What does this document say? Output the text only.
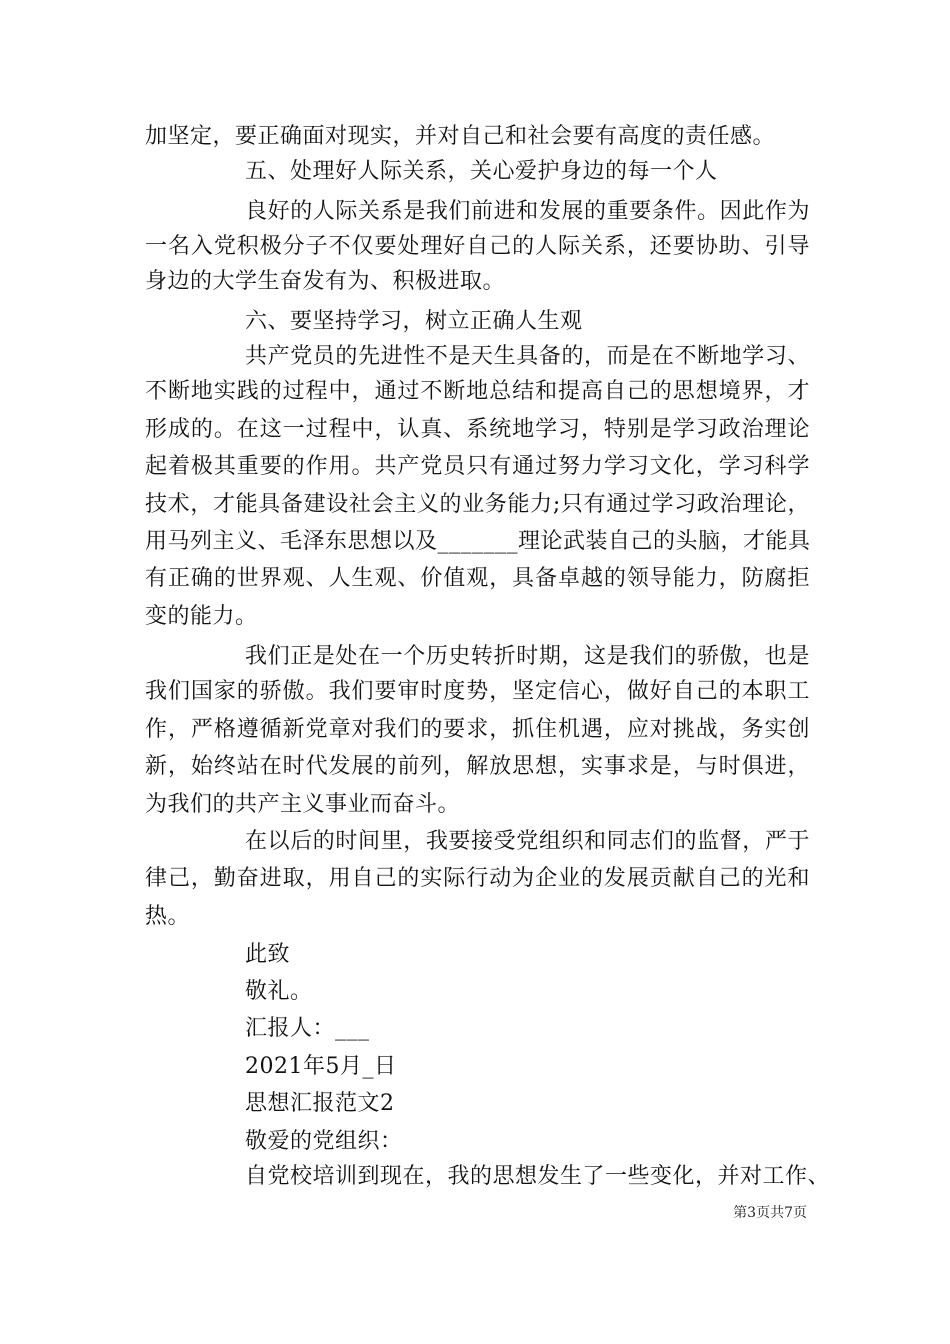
加坚定，要正确面对现实，并对自己和社会要有高度的责任感。
五、处理好人际关系，关心爱护身边的每一个人
良好的人际关系是我们前进和发展的重要条件。因此作为
一名入党积极分子不仅要处理好自己的人际关系，还要协助、引导
身边的大学生奋发有为、积极进取。
六、要坚持学习，树立正确人生观
共产党员的先进性不是天生具备的，而是在不断地学习、
不断地实践的过程中，通过不断地总结和提高自己的思想境界，才
形成的。在这一过程中，认真、系统地学习，特别是学习政治理论
起着极其重要的作用。共产党员只有通过努力学习文化，学习科学
技术，才能具备建设社会主义的业务能力;只有通过学习政治理论，
用马列主义、毛泽东思想以及_______理论武装自己的头脑，才能具
有正确的世界观、人生观、价值观，具备卓越的领导能力，防腐拒
变的能力。
我们正是处在一个历史转折时期，这是我们的骄傲，也是
我们国家的骄傲。我们要审时度势，坚定信心，做好自己的本职工
作，严格遵循新党章对我们的要求，抓住机遇，应对挑战，务实创
新，始终站在时代发展的前列，解放思想，实事求是，与时俱进，
为我们的共产主义事业而奋斗。
在以后的时间里，我要接受党组织和同志们的监督，严于
律己，勤奋进取，用自己的实际行动为企业的发展贡献自己的光和
热。
此致
敬礼。
汇报人：___
2021年5月_日
思想汇报范文2
敬爱的党组织：
自党校培训到现在，我的思想发生了一些变化，并对工作、
第3页共7页
